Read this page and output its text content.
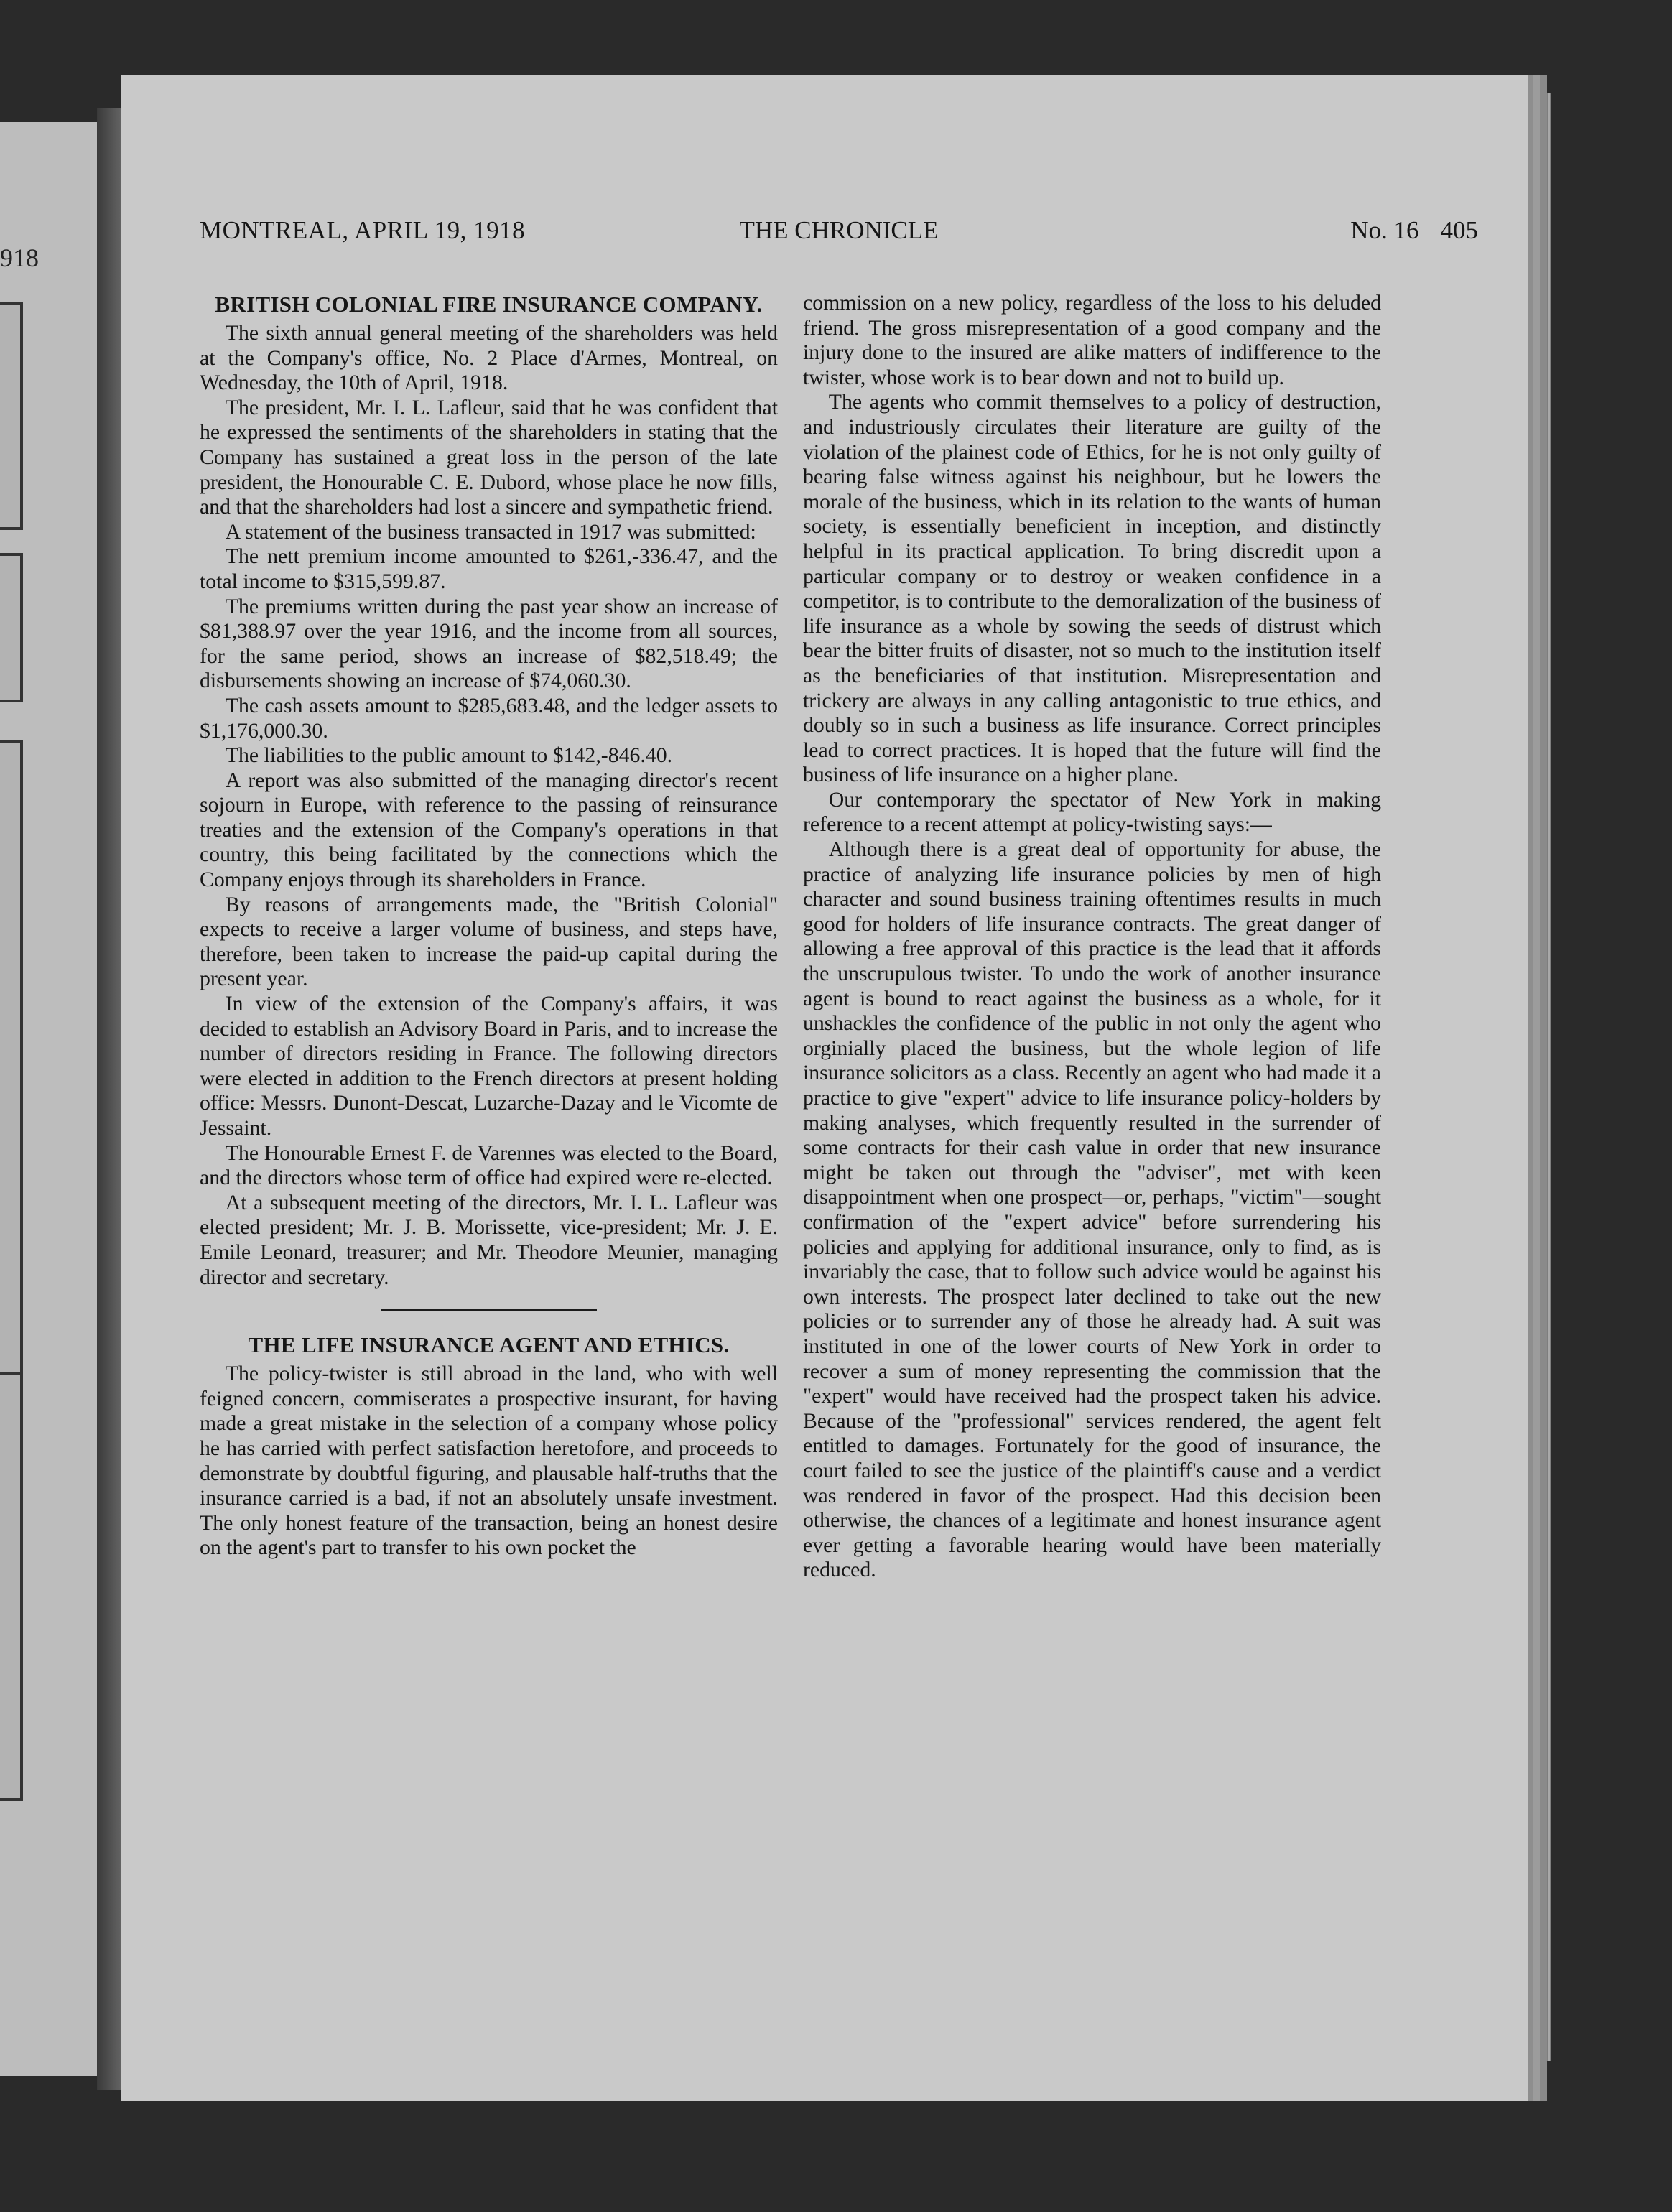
918
MONTREAL, APRIL 19, 1918	THE CHRONICLE	No. 16 405
BRITISH COLONIAL FIRE INSURANCE COMPANY.

The sixth annual general meeting of the shareholders was held at the Company's office, No. 2 Place d'Armes, Montreal, on Wednesday, the 10th of April, 1918.

The president, Mr. I. L. Lafleur, said that he was confident that he expressed the sentiments of the shareholders in stating that the Company has sustained a great loss in the person of the late president, the Honourable C. E. Dubord, whose place he now fills, and that the shareholders had lost a sincere and sympathetic friend.

A statement of the business transacted in 1917 was submitted:

The nett premium income amounted to $261,-336.47, and the total income to $315,599.87.

The premiums written during the past year show an increase of $81,388.97 over the year 1916, and the income from all sources, for the same period, shows an increase of $82,518.49; the disbursements showing an increase of $74,060.30.

The cash assets amount to $285,683.48, and the ledger assets to $1,176,000.30.

The liabilities to the public amount to $142,-846.40.

A report was also submitted of the managing director's recent sojourn in Europe, with reference to the passing of reinsurance treaties and the extension of the Company's operations in that country, this being facilitated by the connections which the Company enjoys through its shareholders in France.

By reasons of arrangements made, the "British Colonial" expects to receive a larger volume of business, and steps have, therefore, been taken to increase the paid-up capital during the present year.

In view of the extension of the Company's affairs, it was decided to establish an Advisory Board in Paris, and to increase the number of directors residing in France. The following directors were elected in addition to the French directors at present holding office: Messrs. Dunont-Descat, Luzarche-Dazay and le Vicomte de Jessaint.

The Honourable Ernest F. de Varennes was elected to the Board, and the directors whose term of office had expired were re-elected.

At a subsequent meeting of the directors, Mr. I. L. Lafleur was elected president; Mr. J. B. Morissette, vice-president; Mr. J. E. Emile Leonard, treasurer; and Mr. Theodore Meunier, managing director and secretary.

THE LIFE INSURANCE AGENT AND ETHICS.

The policy-twister is still abroad in the land, who with well feigned concern, commiserates a prospective insurant, for having made a great mistake in the selection of a company whose policy he has carried with perfect satisfaction heretofore, and proceeds to demonstrate by doubtful figuring, and plausable half-truths that the insurance carried is a bad, if not an absolutely unsafe investment. The only honest feature of the transaction, being an honest desire on the agent's part to transfer to his own pocket the

commission on a new policy, regardless of the loss to his deluded friend. The gross misrepresentation of a good company and the injury done to the insured are alike matters of indifference to the twister, whose work is to bear down and not to build up.

The agents who commit themselves to a policy of destruction, and industriously circulates their literature are guilty of the violation of the plainest code of Ethics, for he is not only guilty of bearing false witness against his neighbour, but he lowers the morale of the business, which in its relation to the wants of human society, is essentially beneficient in inception, and distinctly helpful in its practical application. To bring discredit upon a particular company or to destroy or weaken confidence in a competitor, is to contribute to the demoralization of the business of life insurance as a whole by sowing the seeds of distrust which bear the bitter fruits of disaster, not so much to the institution itself as the beneficiaries of that institution. Misrepresentation and trickery are always in any calling antagonistic to true ethics, and doubly so in such a business as life insurance. Correct principles lead to correct practices. It is hoped that the future will find the business of life insurance on a higher plane.

Our contemporary the spectator of New York in making reference to a recent attempt at policy-twisting says:—

Although there is a great deal of opportunity for abuse, the practice of analyzing life insurance policies by men of high character and sound business training oftentimes results in much good for holders of life insurance contracts. The great danger of allowing a free approval of this practice is the lead that it affords the unscrupulous twister. To undo the work of another insurance agent is bound to react against the business as a whole, for it unshackles the confidence of the public in not only the agent who orginially placed the business, but the whole legion of life insurance solicitors as a class. Recently an agent who had made it a practice to give "expert" advice to life insurance policy-holders by making analyses, which frequently resulted in the surrender of some contracts for their cash value in order that new insurance might be taken out through the "adviser", met with keen disappointment when one prospect—or, perhaps, "victim"—sought confirmation of the "expert advice" before surrendering his policies and applying for additional insurance, only to find, as is invariably the case, that to follow such advice would be against his own interests. The prospect later declined to take out the new policies or to surrender any of those he already had. A suit was instituted in one of the lower courts of New York in order to recover a sum of money representing the commission that the "expert" would have received had the prospect taken his advice. Because of the "professional" services rendered, the agent felt entitled to damages. Fortunately for the good of insurance, the court failed to see the justice of the plaintiff's cause and a verdict was rendered in favor of the prospect. Had this decision been otherwise, the chances of a legitimate and honest insurance agent ever getting a favorable hearing would have been materially reduced.
